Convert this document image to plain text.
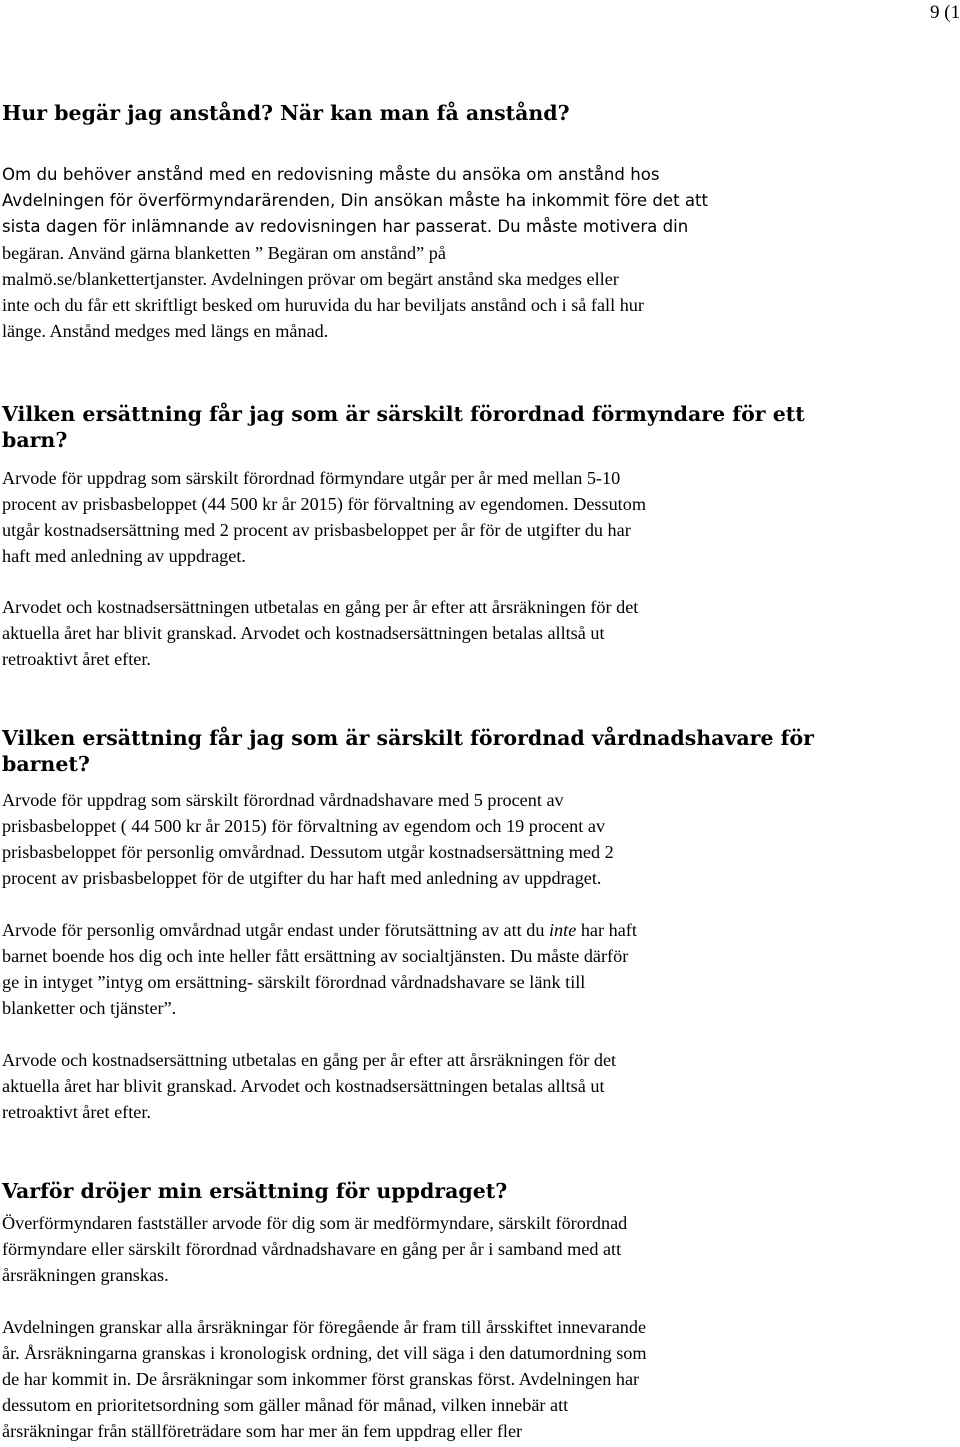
9 (1
Hur begär jag anstånd? När kan man få anstånd?
Om du behöver anstånd med en redovisning måste du ansöka om anstånd hos
Avdelningen för överförmyndarärenden, Din ansökan måste ha inkommit före det att
sista dagen för inlämnande av redovisningen har passerat. Du måste motivera din
begäran. Använd gärna blanketten ” Begäran om anstånd” på
malmö.se/blankettertjanster. Avdelningen prövar om begärt anstånd ska medges eller
inte och du får ett skriftligt besked om huruvida du har beviljats anstånd och i så fall hur
länge. Anstånd medges med längs en månad.
Vilken ersättning får jag som är särskilt förordnad förmyndare för ett
barn?
Arvode för uppdrag som särskilt förordnad förmyndare utgår per år med mellan 5-10
procent av prisbasbeloppet (44 500 kr år 2015) för förvaltning av egendomen. Dessutom
utgår kostnadsersättning med 2 procent av prisbasbeloppet per år för de utgifter du har
haft med anledning av uppdraget.
Arvodet och kostnadsersättningen utbetalas en gång per år efter att årsräkningen för det
aktuella året har blivit granskad. Arvodet och kostnadsersättningen betalas alltså ut
retroaktivt året efter.
Vilken ersättning får jag som är särskilt förordnad vårdnadshavare för
barnet?
Arvode för uppdrag som särskilt förordnad vårdnadshavare med 5 procent av
prisbasbeloppet ( 44 500 kr år 2015) för förvaltning av egendom och 19 procent av
prisbasbeloppet för personlig omvårdnad. Dessutom utgår kostnadsersättning med 2
procent av prisbasbeloppet för de utgifter du har haft med anledning av uppdraget.
Arvode för personlig omvårdnad utgår endast under förutsättning av att du inte har haft
barnet boende hos dig och inte heller fått ersättning av socialtjänsten. Du måste därför
ge in intyget ”intyg om ersättning- särskilt förordnad vårdnadshavare se länk till
blanketter och tjänster”.
Arvode och kostnadsersättning utbetalas en gång per år efter att årsräkningen för det
aktuella året har blivit granskad. Arvodet och kostnadsersättningen betalas alltså ut
retroaktivt året efter.
Varför dröjer min ersättning för uppdraget?
Överförmyndaren fastställer arvode för dig som är medförmyndare, särskilt förordnad
förmyndare eller särskilt förordnad vårdnadshavare en gång per år i samband med att
årsräkningen granskas.
Avdelningen granskar alla årsräkningar för föregående år fram till årsskiftet innevarande
år. Årsräkningarna granskas i kronologisk ordning, det vill säga i den datumordning som
de har kommit in. De årsräkningar som inkommer först granskas först. Avdelningen har
dessutom en prioritetsordning som gäller månad för månad, vilken innebär att
årsräkningar från ställföreträdare som har mer än fem uppdrag eller fler
